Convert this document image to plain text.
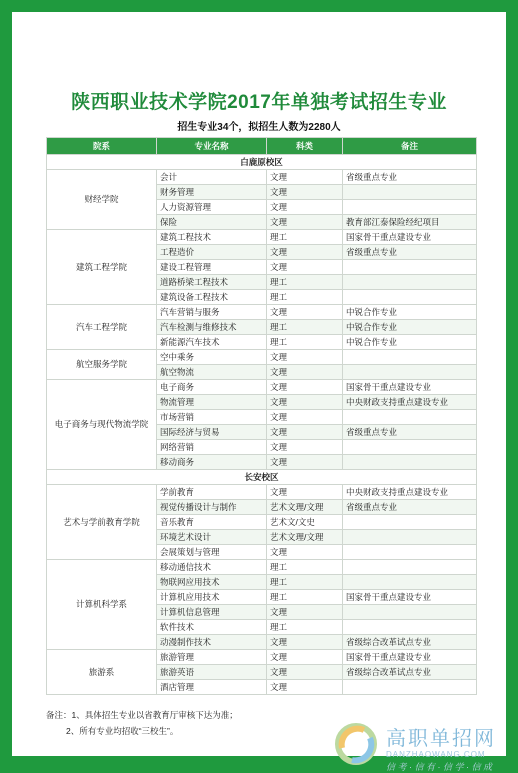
陕西职业技术学院2017年单独考试招生专业
招生专业34个，拟招生人数为2280人
院系	专业名称	科类	备注
白鹿原校区			
财经学院	会计	文理	省级重点专业
	财务管理	文理	
	人力资源管理	文理	
	保险	文理	教育部江泰保险经纪项目
建筑工程学院	建筑工程技术	理工	国家骨干重点建设专业
	工程造价	文理	省级重点专业
	建设工程管理	文理	
	道路桥梁工程技术	理工	
	建筑设备工程技术	理工	
汽车工程学院	汽车营销与服务	文理	中锐合作专业
	汽车检测与维修技术	理工	中锐合作专业
	新能源汽车技术	理工	中锐合作专业
航空服务学院	空中乘务	文理	
	航空物流	文理	
电子商务与现代物流学院	电子商务	文理	国家骨干重点建设专业
	物流管理	文理	中央财政支持重点建设专业
	市场营销	文理	
	国际经济与贸易	文理	省级重点专业
	网络营销	文理	
	移动商务	文理	
长安校区			
艺术与学前教育学院	学前教育	文理	中央财政支持重点建设专业
	视觉传播设计与制作	艺术文理/文理	省级重点专业
	音乐教育	艺术文/文史	
	环境艺术设计	艺术文理/文理	
	会展策划与管理	文理	
计算机科学系	移动通信技术	理工	
	物联网应用技术	理工	
	计算机应用技术	理工	国家骨干重点建设专业
	计算机信息管理	文理	
	软件技术	理工	
	动漫制作技术	文理	省级综合改革试点专业
旅游系	旅游管理	文理	国家骨干重点建设专业
	旅游英语	文理	省级综合改革试点专业
	酒店管理	文理	
备注：1、具体招生专业以省教育厅审核下达为准；
2、所有专业均招收“三校生”。	高职单招网
DANZHAOWANG.COM
信 考 · 信 有 · 信 学 · 信 成
